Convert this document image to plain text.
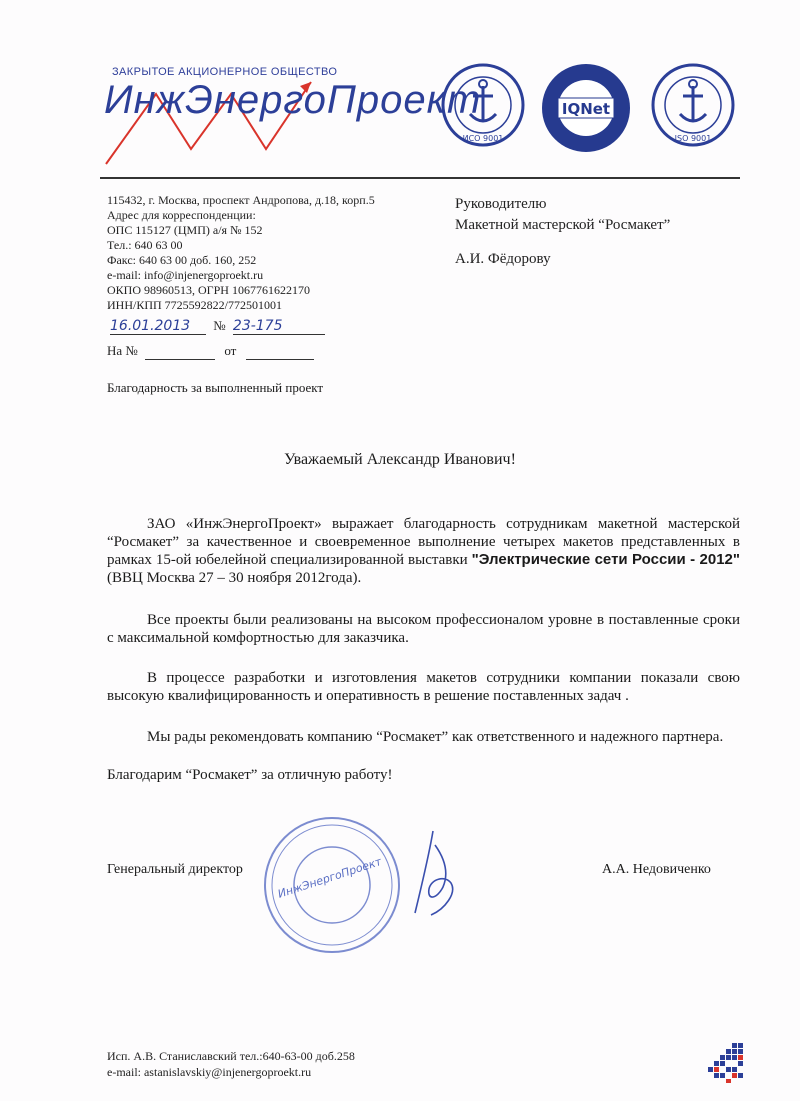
ЗАКРЫТОЕ АКЦИОНЕРНОЕ ОБЩЕСТВО
ИнжЭнергоПроект
ИСО 9001
IQNet
ISO 9001
115432, г. Москва, проспект Андропова, д.18, корп.5
Адрес для корреспонденции:
ОПС 115127 (ЦМП) а/я № 152
Тел.: 640 63 00
Факс: 640 63 00 доб. 160, 252
e-mail: info@injenergoproekt.ru
ОКПО 98960513, ОГРН 1067761622170
ИНН/КПП 7725592822/772501001
Руководителю
Макетной мастерской “Росмакет”
А.И. Фёдорову
16.01.2013 № 23-175
На №	от
Благодарность за выполненный проект
Уважаемый Александр Иванович!

ЗАО «ИнжЭнергоПроект» выражает благодарность сотрудникам макетной мастерской “Росмакет” за качественное и своевременное выполнение четырех макетов представленных в рамках 15-ой юбелейной специализированной выставки "Электрические сети России - 2012" (ВВЦ Москва 27 – 30 ноября 2012года).

Все проекты были реализованы на высоком профессионалом уровне в поставленные сроки с максимальной комфортностью для заказчика.

В процессе разработки и изготовления макетов сотрудники компании показали свою высокую квалифицированность и оперативность в решение поставленных задач .

Мы рады рекомендовать компанию “Росмакет” как ответственного и надежного партнера.

Благодарим “Росмакет” за отличную работу!

ИнжЭнергоПроект
Генеральный директор	А.А. Недовиченко
Исп. А.В. Станиславский тел.:640-63-00 доб.258
e-mail: astanislavskiy@injenergoproekt.ru
